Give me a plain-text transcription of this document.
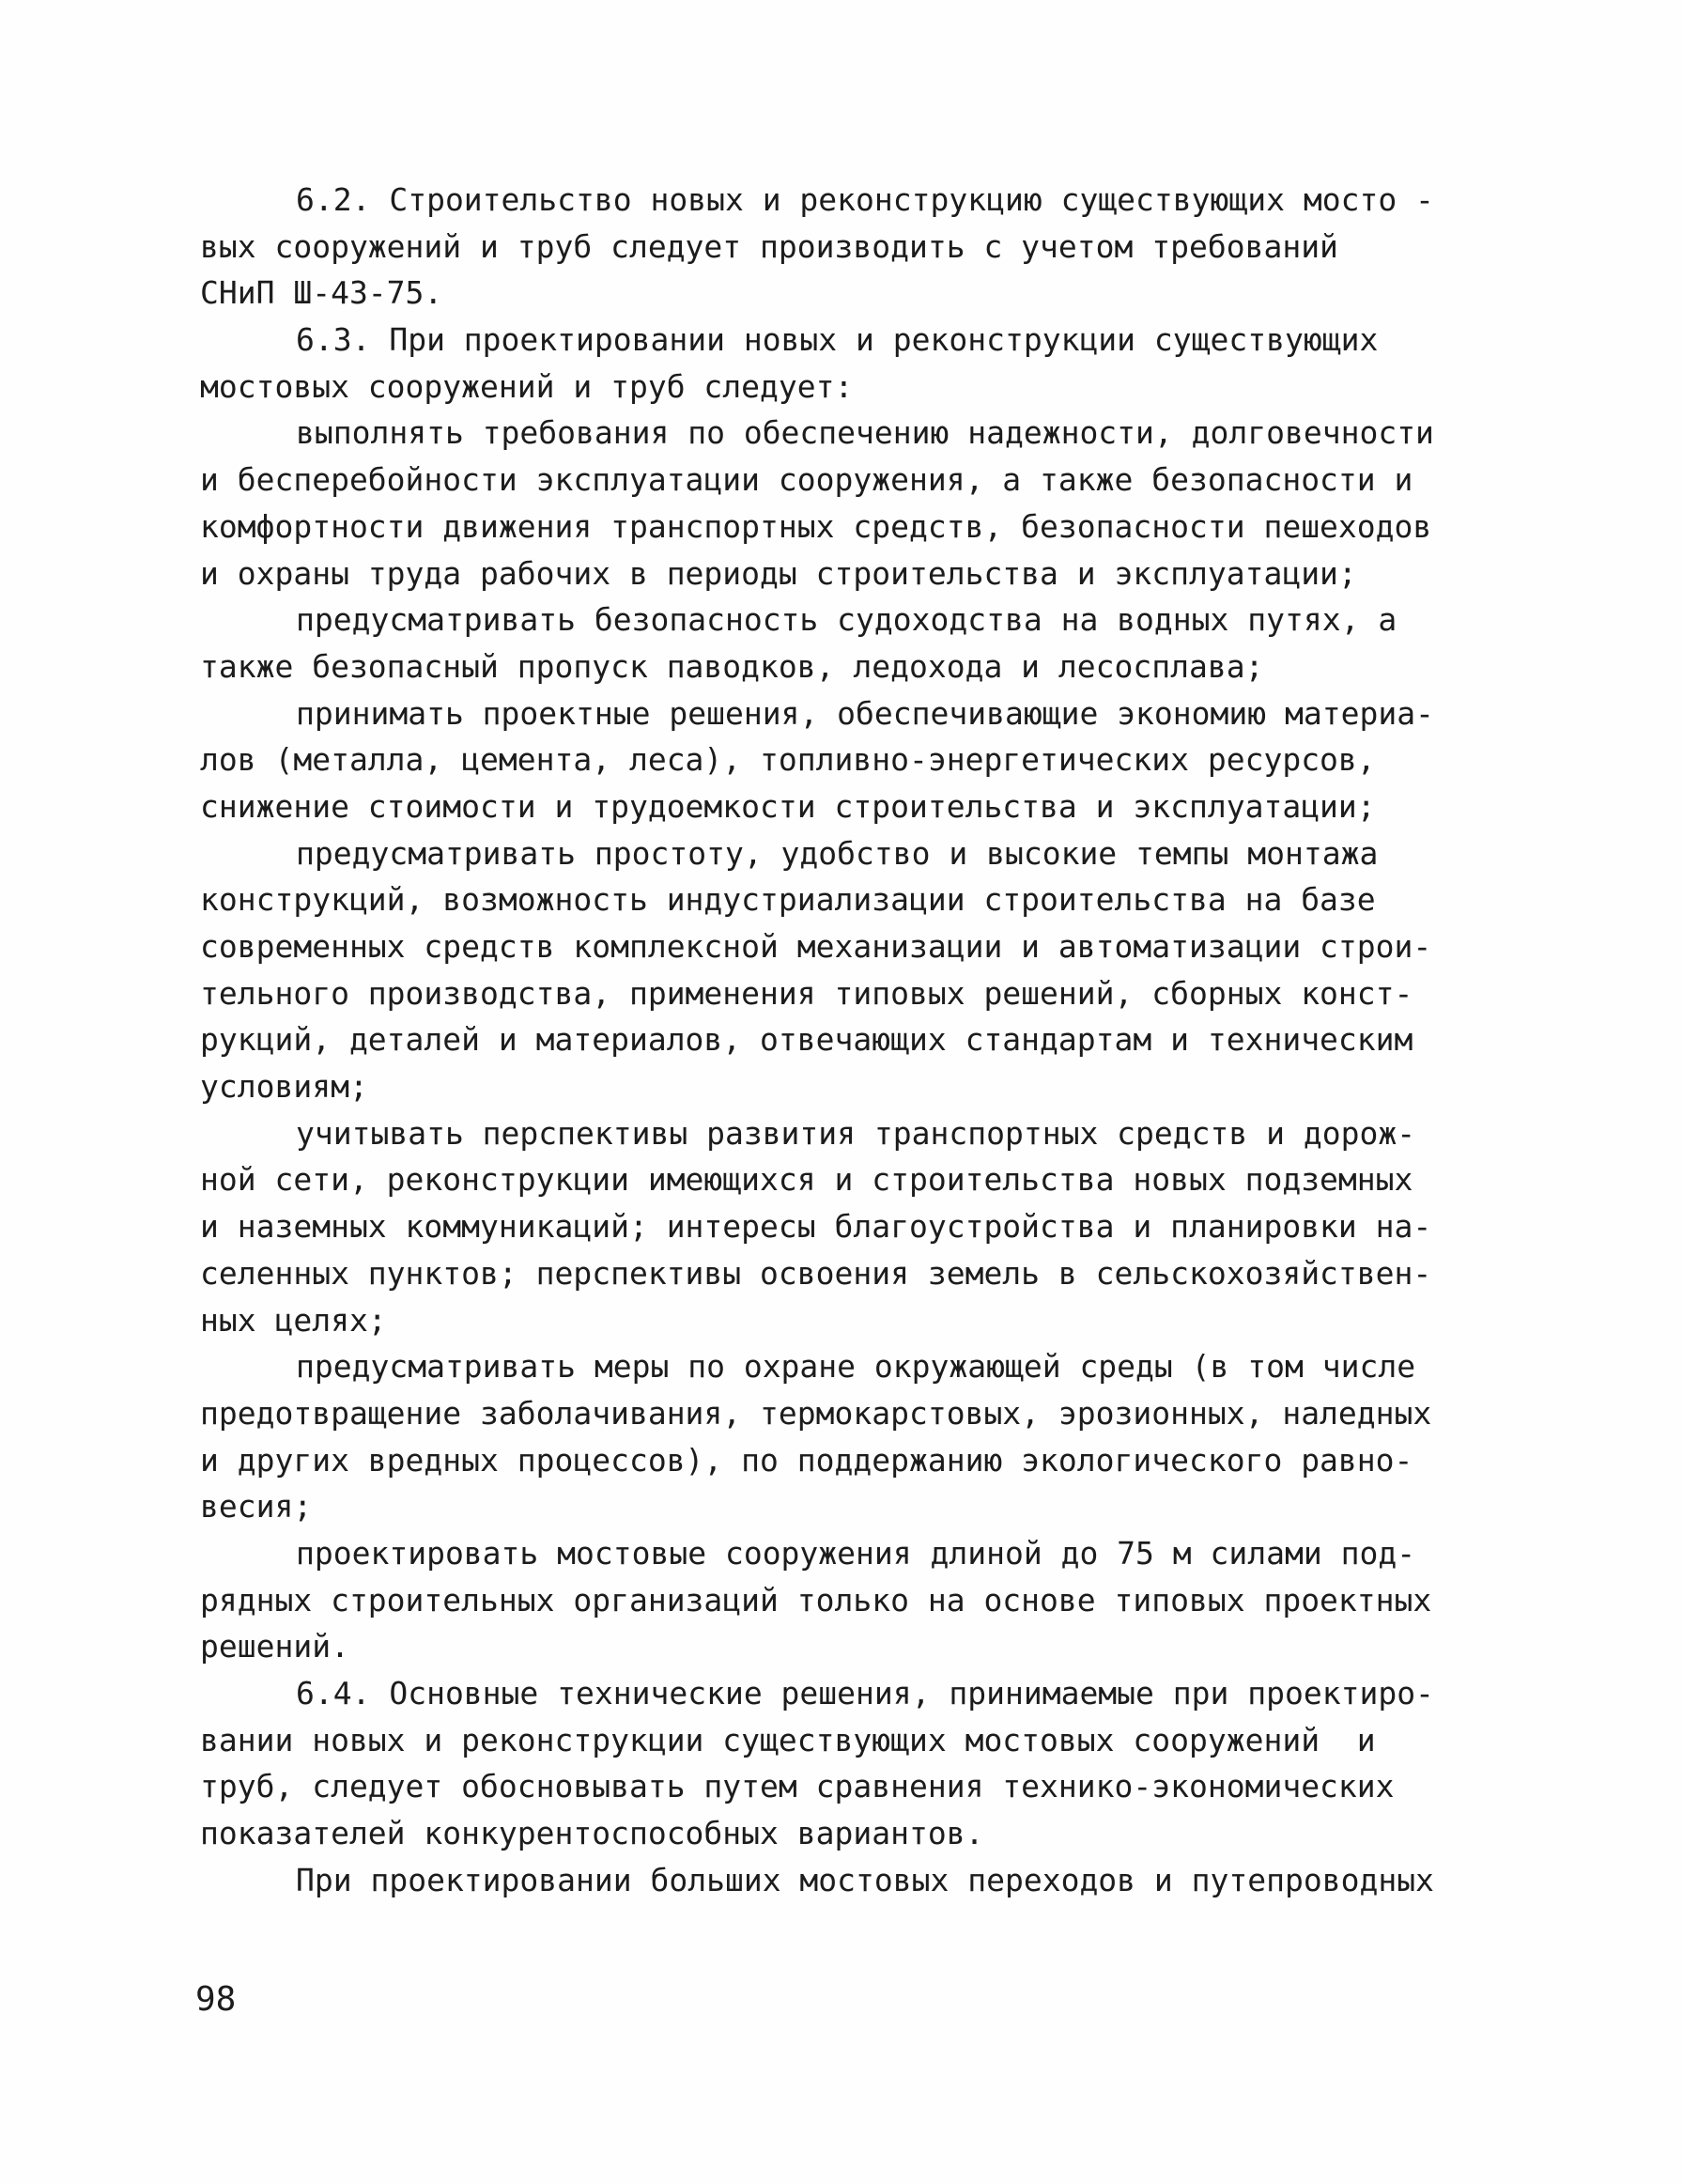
6.2. Строительство новых и реконструкцию существующих мосто -
вых сооружений и труб следует производить с учетом требований
СНиП Ш-43-75.
6.3. При проектировании новых и реконструкции существующих
мостовых сооружений и труб следует:
выполнять требования по обеспечению надежности, долговечности
и бесперебойности эксплуатации сооружения, а также безопасности и
комфортности движения транспортных средств, безопасности пешеходов
и охраны труда рабочих в периоды строительства и эксплуатации;
предусматривать безопасность судоходства на водных путях, а
также безопасный пропуск паводков, ледохода и лесосплава;
принимать проектные решения, обеспечивающие экономию материа-
лов (металла, цемента, леса), топливно-энергетических ресурсов,
снижение стоимости и трудоемкости строительства и эксплуатации;
предусматривать простоту, удобство и высокие темпы монтажа
конструкций, возможность индустриализации строительства на базе
современных средств комплексной механизации и автоматизации строи-
тельного производства, применения типовых решений, сборных конст-
рукций, деталей и материалов, отвечающих стандартам и техническим
условиям;
учитывать перспективы развития транспортных средств и дорож-
ной сети, реконструкции имеющихся и строительства новых подземных
и наземных коммуникаций; интересы благоустройства и планировки на-
селенных пунктов; перспективы освоения земель в сельскохозяйствен-
ных целях;
предусматривать меры по охране окружающей среды (в том числе
предотвращение заболачивания, термокарстовых, эрозионных, наледных
и других вредных процессов), по поддержанию экологического равно-
весия;
проектировать мостовые сооружения длиной до 75 м силами под-
рядных строительных организаций только на основе типовых проектных
решений.
6.4. Основные технические решения, принимаемые при проектиро-
вании новых и реконструкции существующих мостовых сооружений  и
труб, следует обосновывать путем сравнения технико-экономических
показателей конкурентоспособных вариантов.
При проектировании больших мостовых переходов и путепроводных
98
